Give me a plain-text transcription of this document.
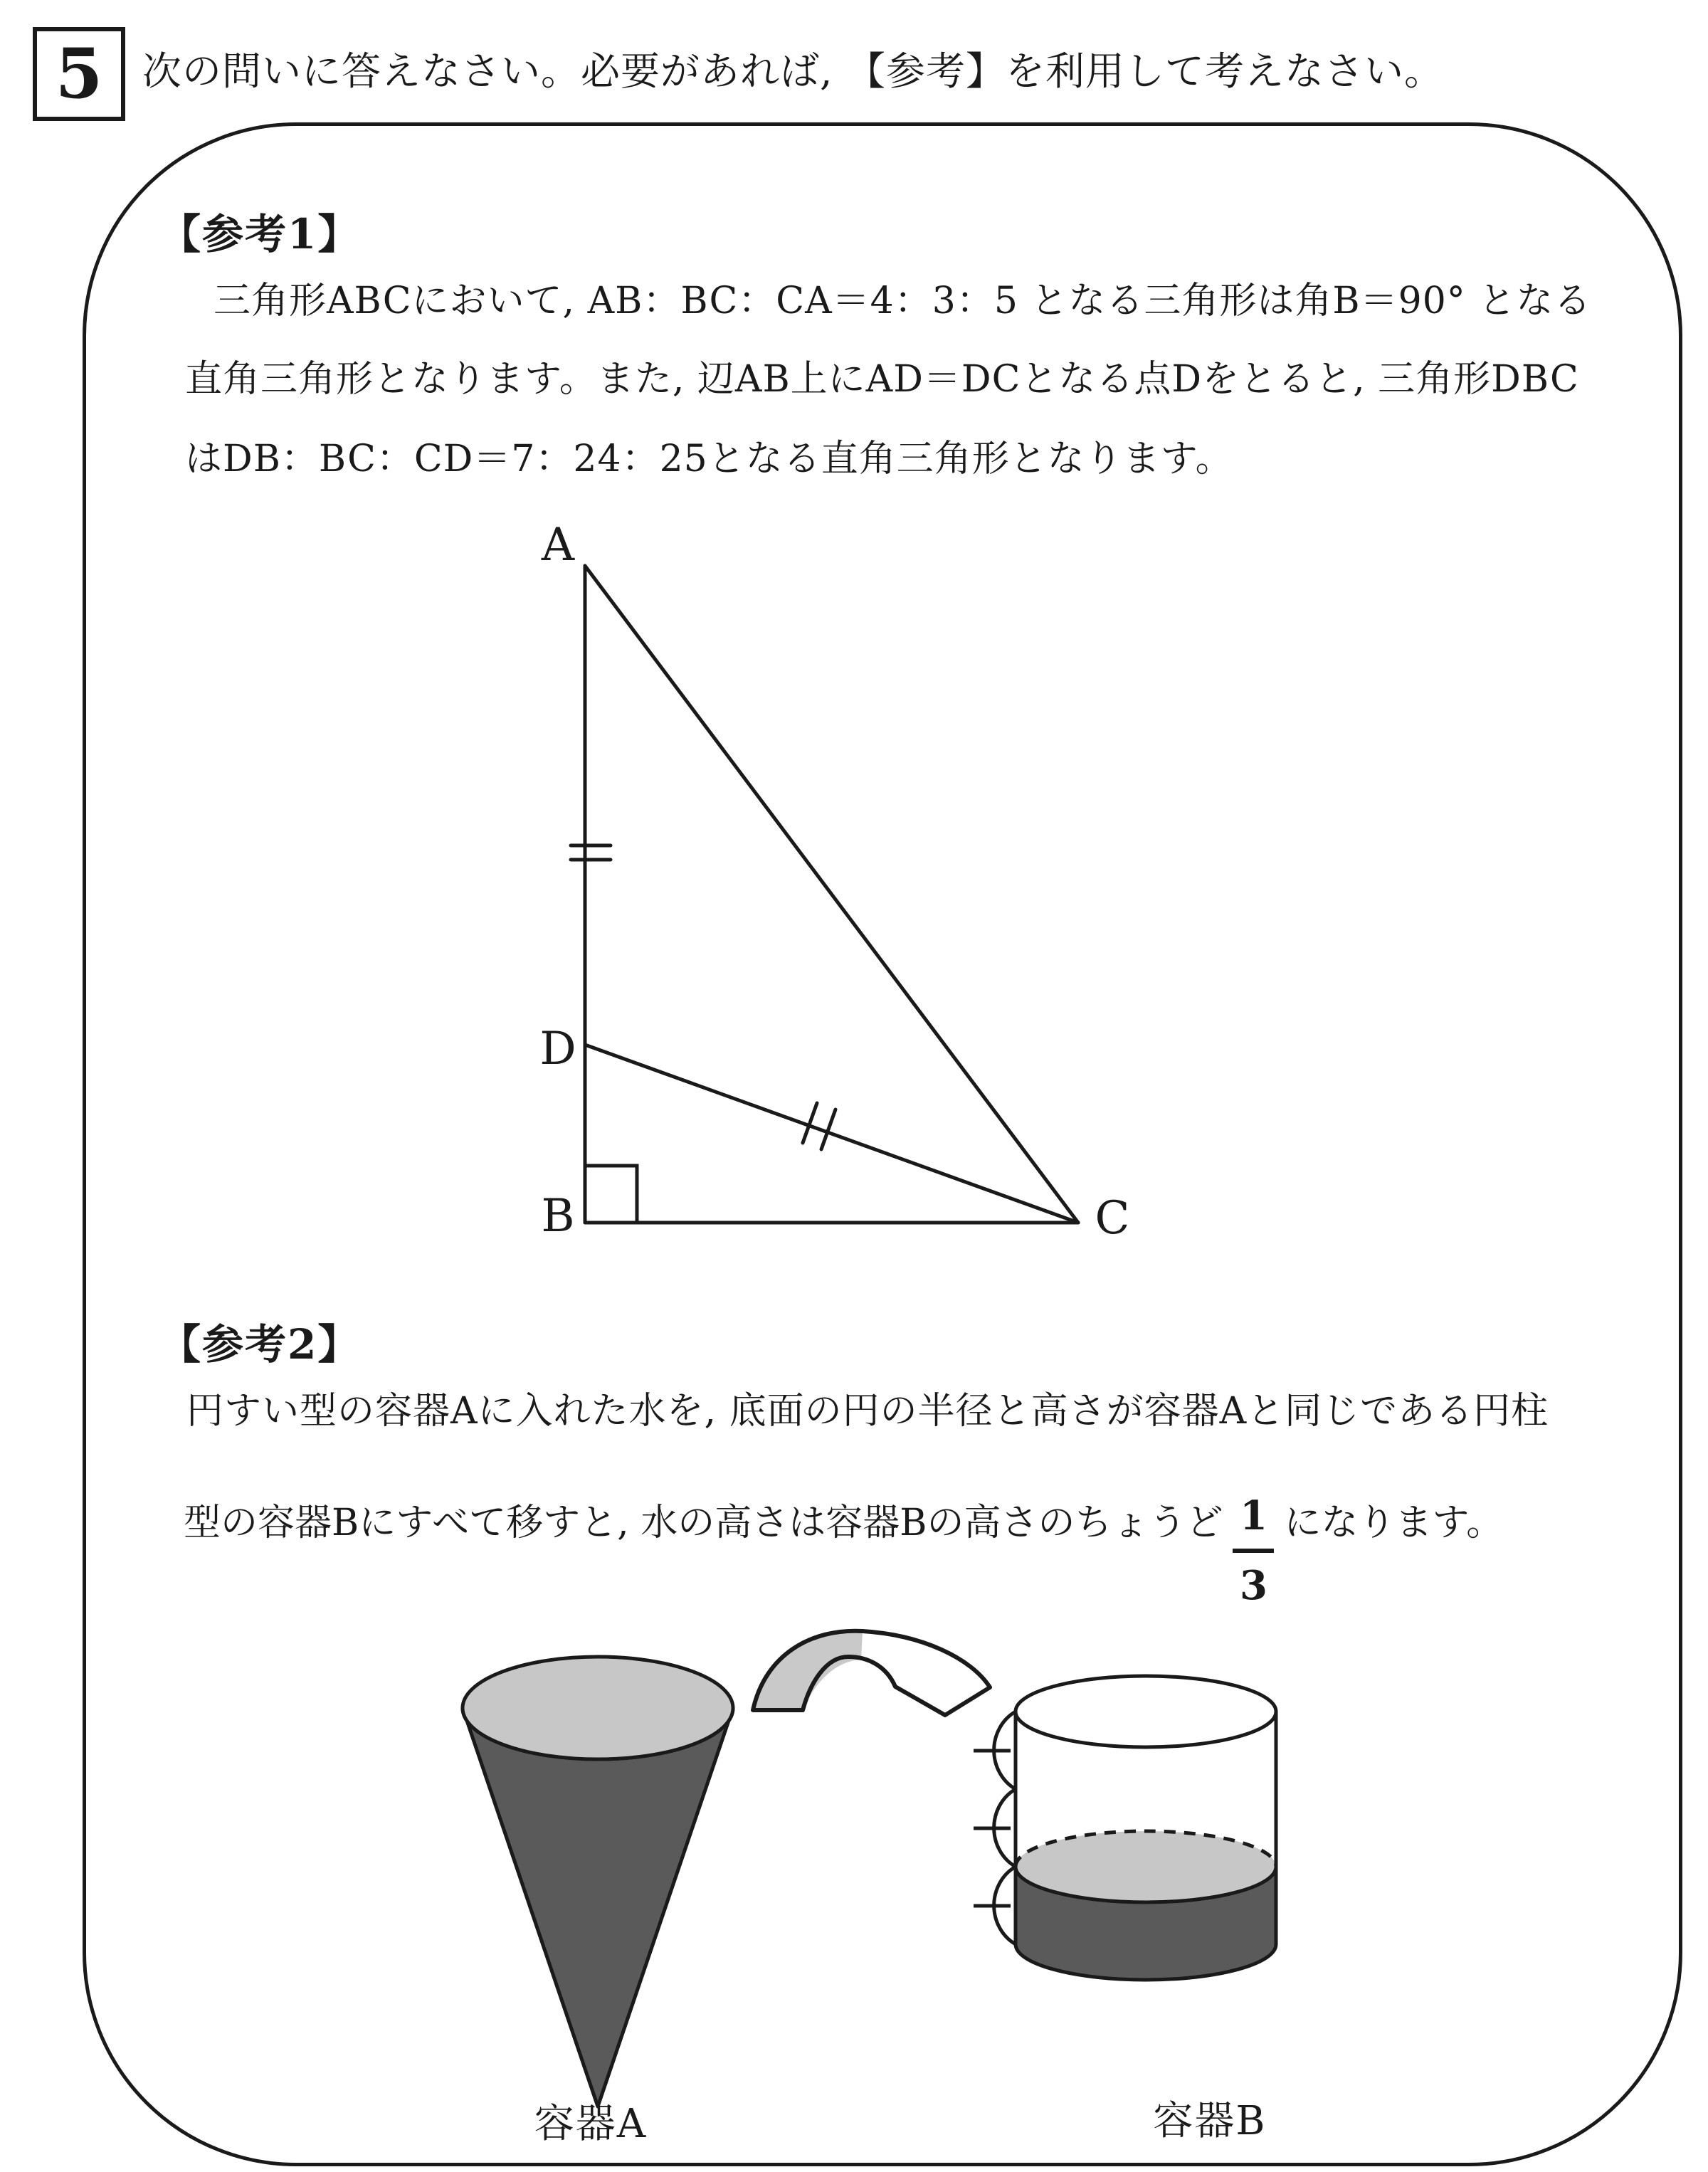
5 次の問いに答えなさい。必要があれば, 【参考】を利用して考えなさい。
【参考1】
三角形ABCにおいて, AB：BC：CA＝4：3：5 となる三角形は角B＝90° となる
直角三角形となります。また, 辺AB上にAD＝DCとなる点Dをとると, 三角形DBC
はDB：BC：CD＝7：24：25となる直角三角形となります。
A
D
B	C
【参考2】
円すい型の容器Aに入れた水を, 底面の円の半径と高さが容器Aと同じである円柱
型の容器Bにすべて移すと, 水の高さは容器Bの高さのちょうど 1
3
になります。
容器A	容器B
